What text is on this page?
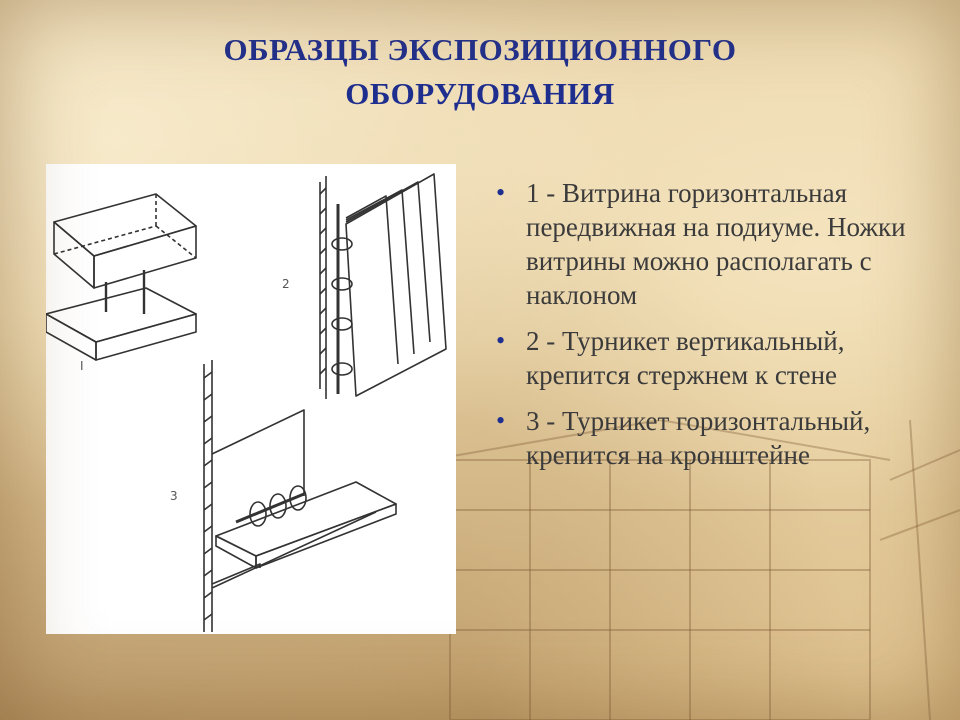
ОБРАЗЦЫ ЭКСПОЗИЦИОННОГО
ОБОРУДОВАНИЯ
I
2
3
• 1 - Витрина горизонтальная передвижная на подиуме. Ножки витрины можно располагать с наклоном
• 2 - Турникет вертикальный, крепится стержнем к стене
• 3 - Турникет горизонтальный, крепится на кронштейне
